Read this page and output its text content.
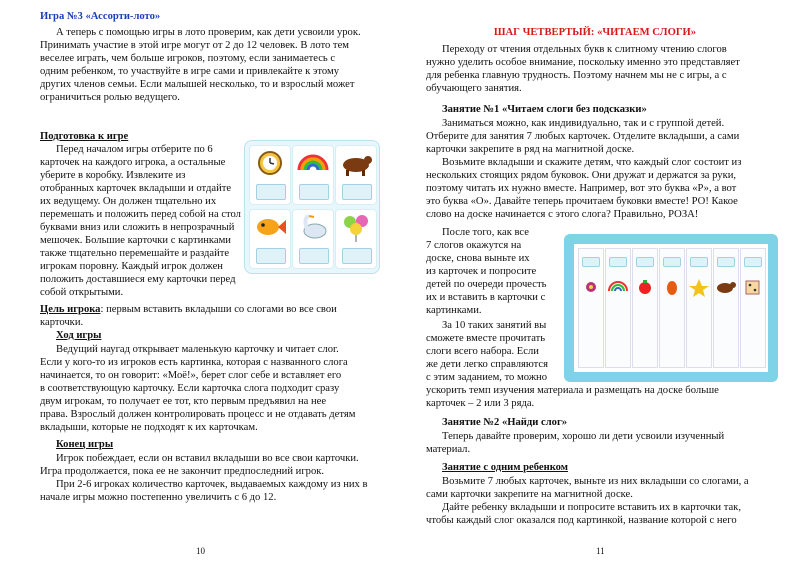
Игра №3 «Ассорти-лото»

А теперь с помощью игры в лото проверим, как дети усвоили урок.

Принимать участие в этой игре могут от 2 до 12 человек. В лото тем

веселее играть, чем больше игроков, поэтому, если занимаетесь с

одним ребенком, то участвуйте в игре сами и привлекайте к этому

других членов семьи. Если малышей несколько, то и взрослый может

ограничиться ролью ведущего.

Подготовка к игре

Перед началом игры отберите по 6

карточек на каждого игрока, а остальные

уберите в коробку. Извлеките из

отобранных карточек вкладыши и отдайте

их ведущему. Он должен тщательно их

перемешать и положить перед собой на стол

буквами вниз или сложить в непрозрачный

мешочек. Большие карточки с картинками

также тщательно перемешайте и раздайте

игрокам поровну. Каждый игрок должен

положить доставшиеся ему карточки перед

собой открытыми.

Цель игрока: первым вставить вкладыши со слогами во все свои

карточки.

Ход игры

Ведущий наугад открывает маленькую карточку и читает слог.

Если у кого-то из игроков есть картинка, которая с названного слога

начинается, то он говорит: «Моё!», берет слог себе и вставляет его

в соответствующую карточку. Если карточка слога подходит сразу

двум игрокам, то получает ее тот, кто первым предъявил на нее

права. Взрослый должен контролировать процесс и не отдавать детям

вкладыши, которые не подходят к их карточкам.

Конец игры

Игрок побеждает, если он вставил вкладыши во все свои карточки.

Игра продолжается, пока ее не закончит предпоследний игрок.

При 2-6 игроках количество карточек, выдаваемых каждому из них в

начале игры можно постепенно увеличить с 6 до 12.

10

ШАГ ЧЕТВЕРТЫЙ: «ЧИТАЕМ СЛОГИ»

Переходу от чтения отдельных букв к слитному чтению слогов

нужно уделить особое внимание, поскольку именно это представляет

для ребенка главную трудность. Поэтому начнем мы не с игры, а с

обучающего занятия.

Занятие №1 «Читаем слоги без подсказки»

Заниматься можно, как индивидуально, так и с группой детей.

Отберите для занятия 7 любых карточек. Отделите вкладыши, а сами

карточки закрепите в ряд на магнитной доске.

Возьмите вкладыши и скажите детям, что каждый слог состоит из

нескольких стоящих рядом буковок. Они дружат и держатся за руки,

поэтому читать их нужно вместе. Например, вот это буква «Р», а вот

это буква «О». Давайте теперь прочитаем буковки вместе! РО! Какое

слово на доске начинается с этого слога? Правильно, РОЗА!

После того, как все

7 слогов окажутся на

доске, снова выньте их

из карточек и попросите

детей по очереди прочесть

их и вставить в карточки с

картинками.

За 10 таких занятий вы

сможете вместе прочитать

слоги всего набора. Если

же дети легко справляются

с этим заданием, то можно

ускорить темп изучения материала и размещать на доске больше

карточек – 2 или 3 ряда.

Занятие №2 «Найди слог»

Теперь давайте проверим, хорошо ли дети усвоили изученный

материал.

Занятие с одним ребенком

Возьмите 7 любых карточек, выньте из них вкладыши со слогами, а

сами карточки закрепите на магнитной доске.

Дайте ребенку вкладыши и попросите вставить их в карточки так,

чтобы каждый слог оказался под картинкой, название которой с него

11
